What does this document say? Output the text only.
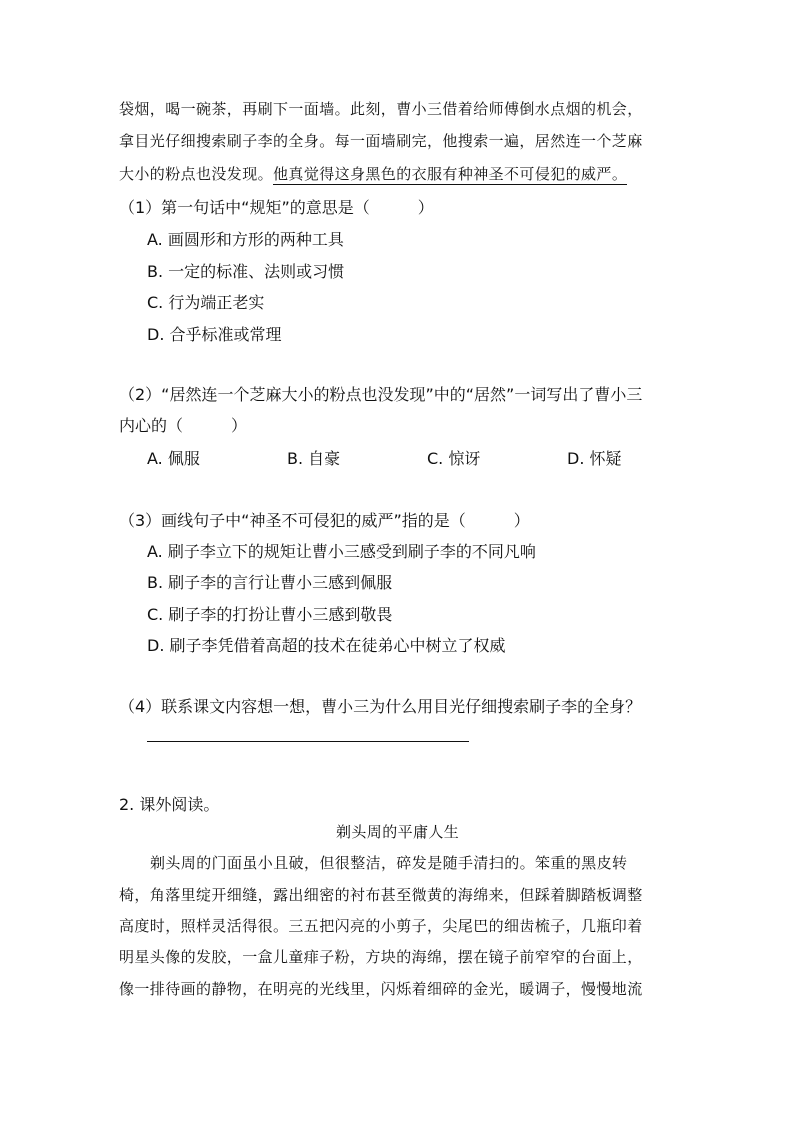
袋烟，喝一碗茶，再刷下一面墙。此刻，曹小三借着给师傅倒水点烟的机会，
拿目光仔细搜索刷子李的全身。每一面墙刷完，他搜索一遍，居然连一个芝麻
大小的粉点也没发现。他真觉得这身黑色的衣服有种神圣不可侵犯的威严。
（1）第一句话中“规矩”的意思是（　　　）
A. 画圆形和方形的两种工具
B. 一定的标准、法则或习惯
C. 行为端正老实
D. 合乎标准或常理
（2）“居然连一个芝麻大小的粉点也没发现”中的“居然”一词写出了曹小三
内心的（　　　）
A. 佩服	B. 自豪	C. 惊讶	D. 怀疑
（3）画线句子中“神圣不可侵犯的威严”指的是（　　　）
A. 刷子李立下的规矩让曹小三感受到刷子李的不同凡响
B. 刷子李的言行让曹小三感到佩服
C. 刷子李的打扮让曹小三感到敬畏
D. 刷子李凭借着高超的技术在徒弟心中树立了权威
（4）联系课文内容想一想，曹小三为什么用目光仔细搜索刷子李的全身？
2. 课外阅读。
剃头周的平庸人生
剃头周的门面虽小且破，但很整洁，碎发是随手清扫的。笨重的黑皮转
椅，角落里绽开细缝，露出细密的衬布甚至微黄的海绵来，但踩着脚踏板调整
高度时，照样灵活得很。三五把闪亮的小剪子，尖尾巴的细齿梳子，几瓶印着
明星头像的发胶，一盒儿童痱子粉，方块的海绵，摆在镜子前窄窄的台面上，
像一排待画的静物，在明亮的光线里，闪烁着细碎的金光，暖调子，慢慢地流
